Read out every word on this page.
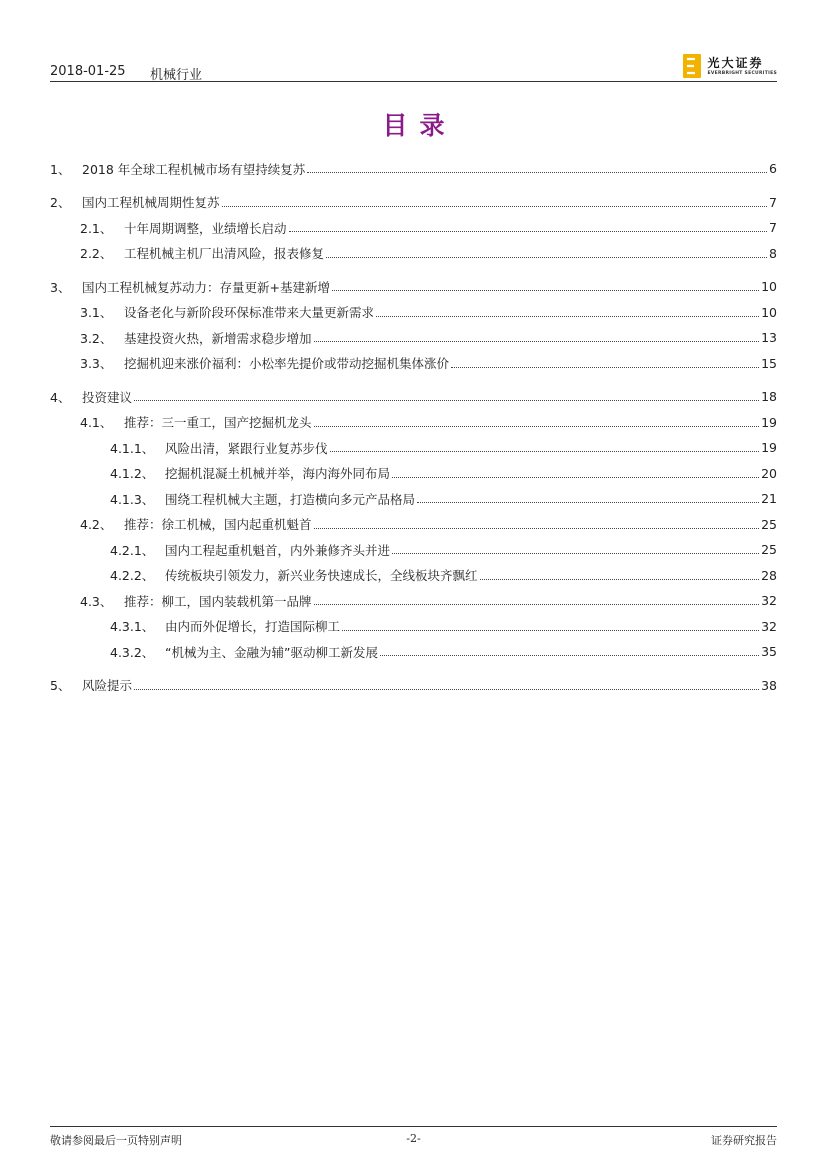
2018-01-25 机械行业
光大证券
EVERBRIGHT SECURITIES
目录
1、 2018 年全球工程机械市场有望持续复苏	6
2、 国内工程机械周期性复苏	7
2.1、 十年周期调整，业绩增长启动	7
2.2、 工程机械主机厂出清风险，报表修复	8
3、 国内工程机械复苏动力：存量更新+基建新增	10
3.1、 设备老化与新阶段环保标准带来大量更新需求	10
3.2、 基建投资火热，新增需求稳步增加	13
3.3、 挖掘机迎来涨价福利：小松率先提价或带动挖掘机集体涨价	15
4、 投资建议	18
4.1、 推荐：三一重工，国产挖掘机龙头	19
4.1.1、 风险出清，紧跟行业复苏步伐	19
4.1.2、 挖掘机混凝土机械并举，海内海外同布局	20
4.1.3、 围绕工程机械大主题，打造横向多元产品格局	21
4.2、 推荐：徐工机械，国内起重机魁首	25
4.2.1、 国内工程起重机魁首，内外兼修齐头并进	25
4.2.2、 传统板块引领发力，新兴业务快速成长，全线板块齐飘红	28
4.3、 推荐：柳工，国内装载机第一品牌	32
4.3.1、 由内而外促增长，打造国际柳工	32
4.3.2、 “机械为主、金融为辅”驱动柳工新发展	35
5、 风险提示	38
敬请参阅最后一页特别声明	-2-	证券研究报告
